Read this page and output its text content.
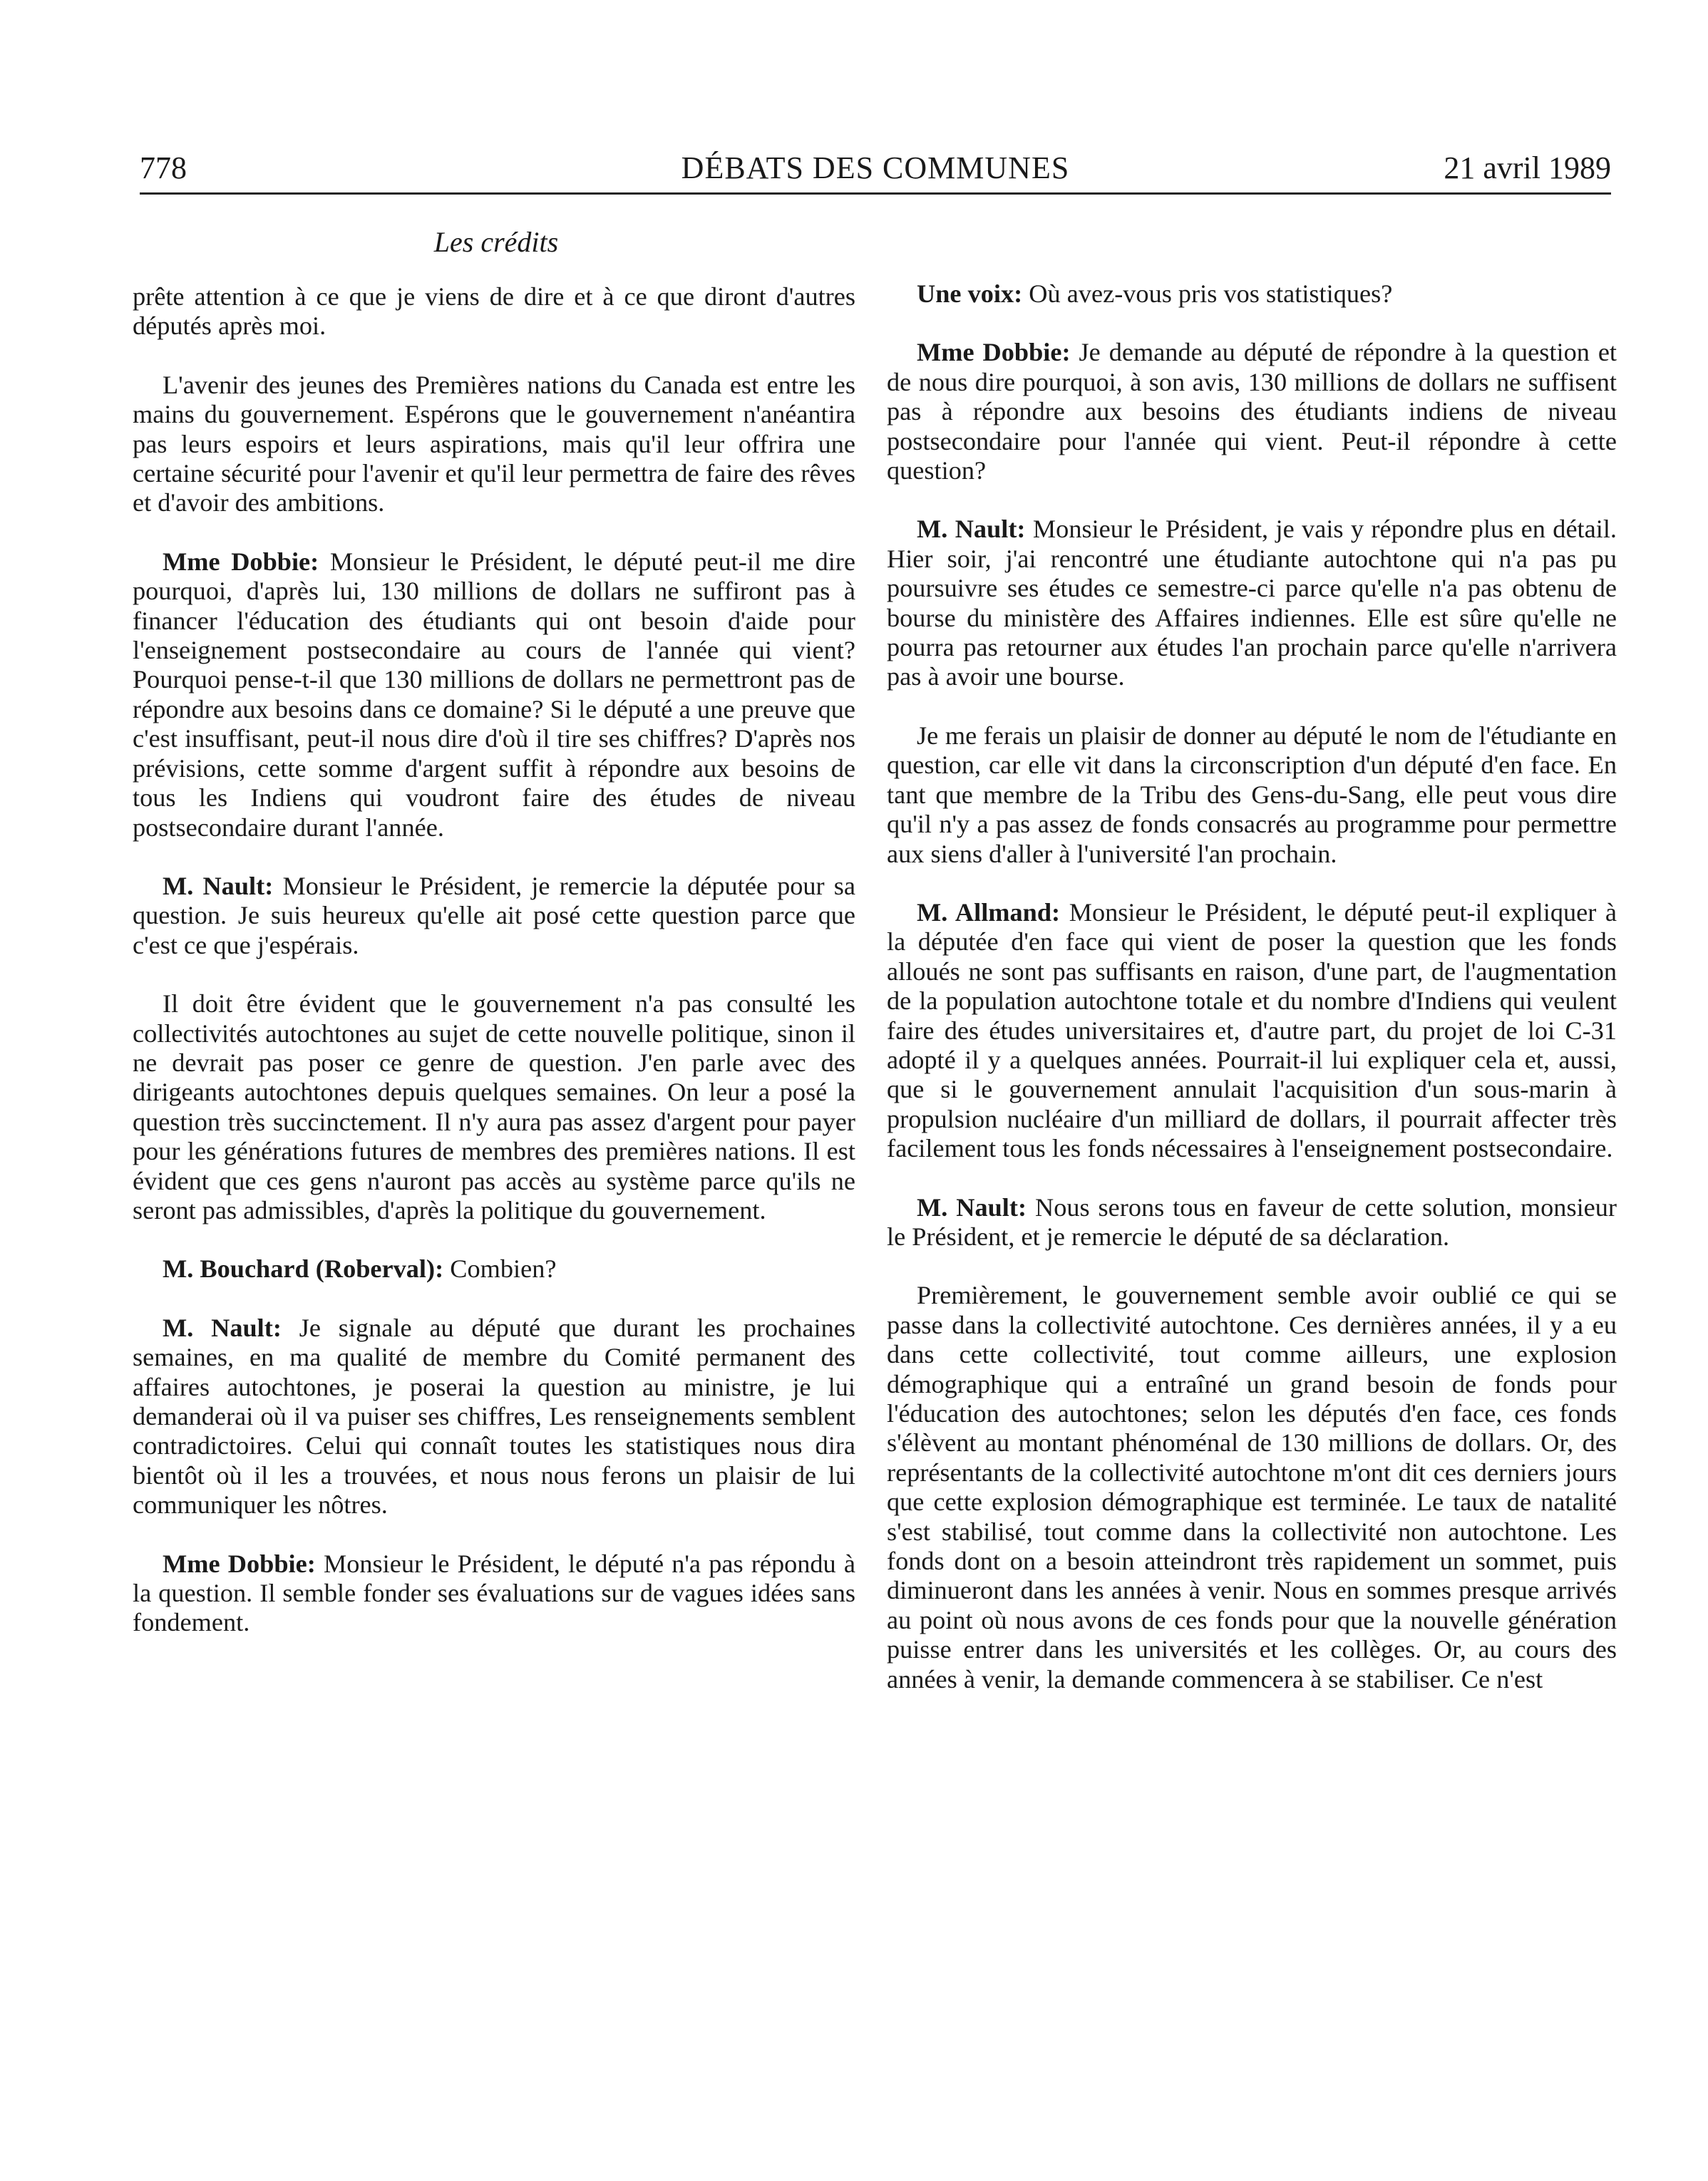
778	DÉBATS DES COMMUNES	21 avril 1989
Les crédits

prête attention à ce que je viens de dire et à ce que diront d'autres députés après moi.

L'avenir des jeunes des Premières nations du Canada est entre les mains du gouvernement. Espérons que le gouvernement n'anéantira pas leurs espoirs et leurs aspirations, mais qu'il leur offrira une certaine sécurité pour l'avenir et qu'il leur permettra de faire des rêves et d'avoir des ambitions.

Mme Dobbie: Monsieur le Président, le député peut-il me dire pourquoi, d'après lui, 130 millions de dollars ne suffiront pas à financer l'éducation des étudiants qui ont besoin d'aide pour l'enseignement postsecondaire au cours de l'année qui vient? Pourquoi pense-t-il que 130 millions de dollars ne permettront pas de répondre aux besoins dans ce domaine? Si le député a une preuve que c'est insuffisant, peut-il nous dire d'où il tire ses chiffres? D'après nos prévisions, cette somme d'argent suffit à répondre aux besoins de tous les Indiens qui voudront faire des études de niveau postsecondaire durant l'année.

M. Nault: Monsieur le Président, je remercie la députée pour sa question. Je suis heureux qu'elle ait posé cette question parce que c'est ce que j'espérais.

Il doit être évident que le gouvernement n'a pas consulté les collectivités autochtones au sujet de cette nouvelle politique, sinon il ne devrait pas poser ce genre de question. J'en parle avec des dirigeants autochtones depuis quelques semaines. On leur a posé la question très succinctement. Il n'y aura pas assez d'argent pour payer pour les générations futures de membres des premières nations. Il est évident que ces gens n'auront pas accès au système parce qu'ils ne seront pas admissibles, d'après la politique du gouvernement.

M. Bouchard (Roberval): Combien?

M. Nault: Je signale au député que durant les prochaines semaines, en ma qualité de membre du Comité permanent des affaires autochtones, je poserai la question au ministre, je lui demanderai où il va puiser ses chiffres, Les renseignements semblent contradictoires. Celui qui connaît toutes les statistiques nous dira bientôt où il les a trouvées, et nous nous ferons un plaisir de lui communiquer les nôtres.

Mme Dobbie: Monsieur le Président, le député n'a pas répondu à la question. Il semble fonder ses évaluations sur de vagues idées sans fondement.

Une voix: Où avez-vous pris vos statistiques?

Mme Dobbie: Je demande au député de répondre à la question et de nous dire pourquoi, à son avis, 130 millions de dollars ne suffisent pas à répondre aux besoins des étudiants indiens de niveau postsecondaire pour l'année qui vient. Peut-il répondre à cette question?

M. Nault: Monsieur le Président, je vais y répondre plus en détail. Hier soir, j'ai rencontré une étudiante autochtone qui n'a pas pu poursuivre ses études ce semestre-ci parce qu'elle n'a pas obtenu de bourse du ministère des Affaires indiennes. Elle est sûre qu'elle ne pourra pas retourner aux études l'an prochain parce qu'elle n'arrivera pas à avoir une bourse.

Je me ferais un plaisir de donner au député le nom de l'étudiante en question, car elle vit dans la circonscription d'un député d'en face. En tant que membre de la Tribu des Gens-du-Sang, elle peut vous dire qu'il n'y a pas assez de fonds consacrés au programme pour permettre aux siens d'aller à l'université l'an prochain.

M. Allmand: Monsieur le Président, le député peut-il expliquer à la députée d'en face qui vient de poser la question que les fonds alloués ne sont pas suffisants en raison, d'une part, de l'augmentation de la population autochtone totale et du nombre d'Indiens qui veulent faire des études universitaires et, d'autre part, du projet de loi C-31 adopté il y a quelques années. Pourrait-il lui expliquer cela et, aussi, que si le gouvernement annulait l'acquisition d'un sous-marin à propulsion nucléaire d'un milliard de dollars, il pourrait affecter très facilement tous les fonds nécessaires à l'enseignement postsecondaire.

M. Nault: Nous serons tous en faveur de cette solution, monsieur le Président, et je remercie le député de sa déclaration.

Premièrement, le gouvernement semble avoir oublié ce qui se passe dans la collectivité autochtone. Ces dernières années, il y a eu dans cette collectivité, tout comme ailleurs, une explosion démographique qui a entraîné un grand besoin de fonds pour l'éducation des autochtones; selon les députés d'en face, ces fonds s'élèvent au montant phénoménal de 130 millions de dollars. Or, des représentants de la collectivité autochtone m'ont dit ces derniers jours que cette explosion démographique est terminée. Le taux de natalité s'est stabilisé, tout comme dans la collectivité non autochtone. Les fonds dont on a besoin atteindront très rapidement un sommet, puis diminueront dans les années à venir. Nous en sommes presque arrivés au point où nous avons de ces fonds pour que la nouvelle génération puisse entrer dans les universités et les collèges. Or, au cours des années à venir, la demande commencera à se stabiliser. Ce n'est
